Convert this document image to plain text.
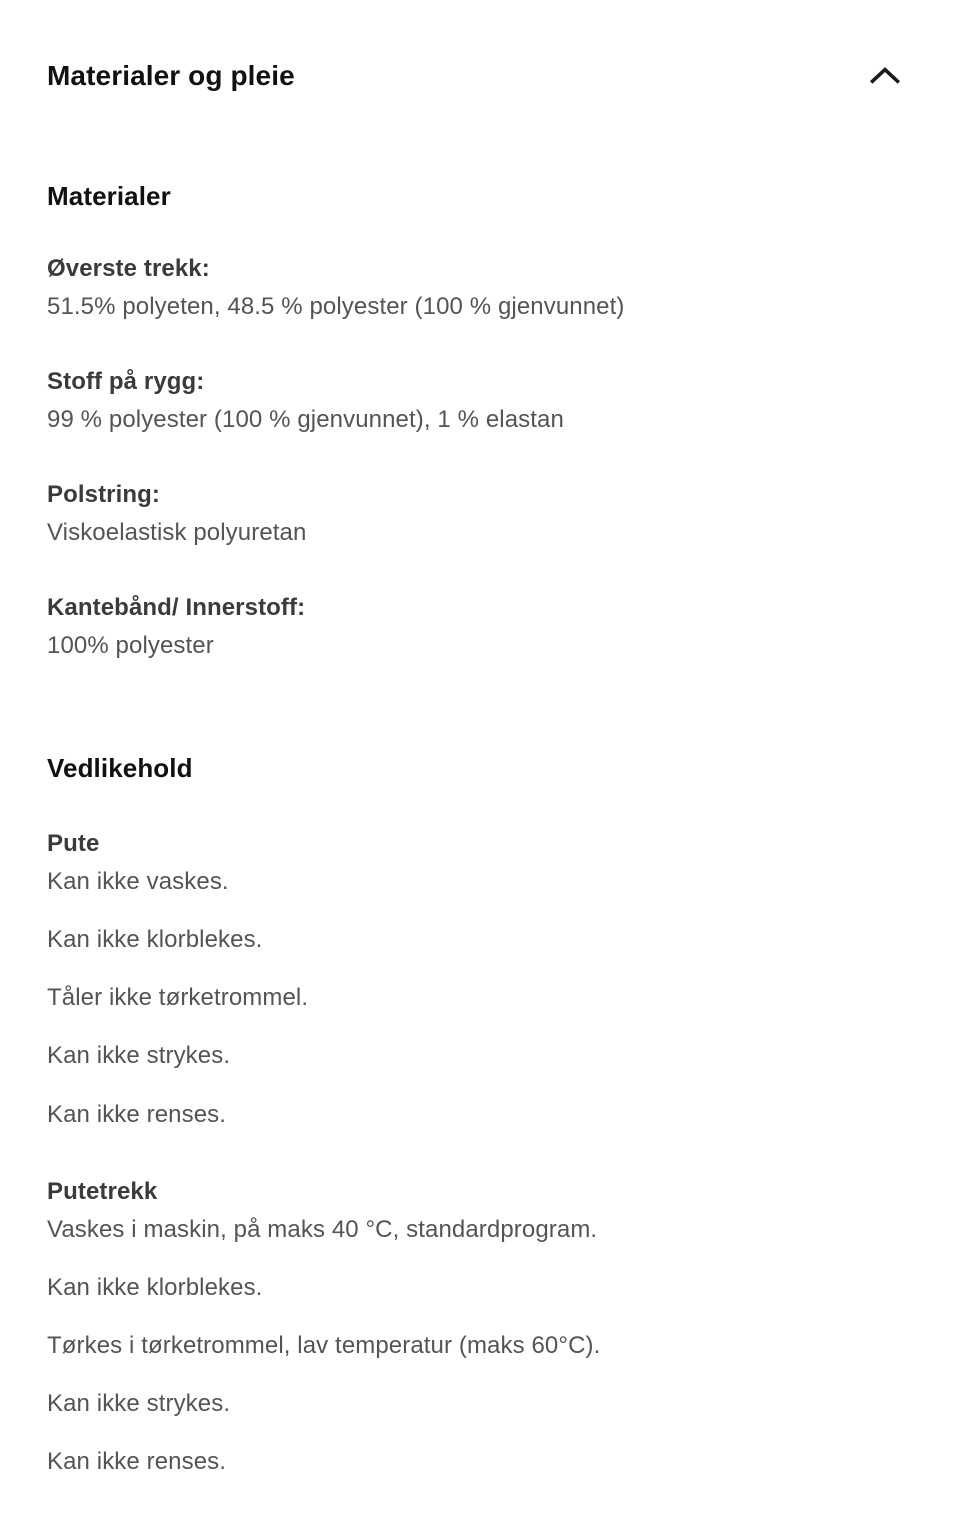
Materialer og pleie
Materialer
Øverste trekk:
51.5% polyeten, 48.5 % polyester (100 % gjenvunnet)
Stoff på rygg:
99 % polyester (100 % gjenvunnet), 1 % elastan
Polstring:
Viskoelastisk polyuretan
Kantebånd/ Innerstoff:
100% polyester
Vedlikehold
Pute
Kan ikke vaskes.
Kan ikke klorblekes.
Tåler ikke tørketrommel.
Kan ikke strykes.
Kan ikke renses.
Putetrekk
Vaskes i maskin, på maks 40 °C, standardprogram.
Kan ikke klorblekes.
Tørkes i tørketrommel, lav temperatur (maks 60°C).
Kan ikke strykes.
Kan ikke renses.
